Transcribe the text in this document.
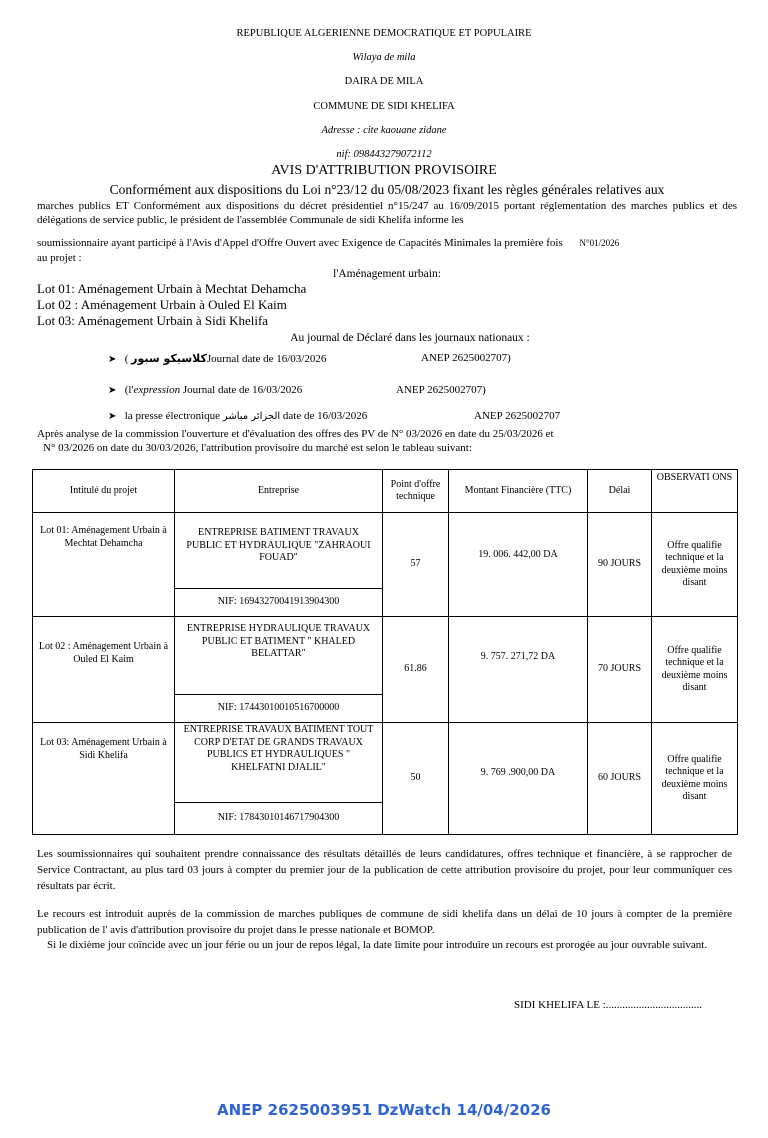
REPUBLIQUE ALGERIENNE DEMOCRATIQUE ET POPULAIRE
Wilaya de mila
DAIRA DE MILA
COMMUNE DE SIDI KHELIFA
Adresse : cite kaouane zidane
nif: 098443279072112
AVIS D'ATTRIBUTION PROVISOIRE
Conformément aux dispositions du Loi n°23/12 du 05/08/2023 fixant les règles générales relatives aux
marches publics ET Conformément aux dispositions du décret présidentiel n°15/247 au 16/09/2015 portant réglementation des marches publics et des délégations de service public, le président de l'assemblée Communale de sidi Khelifa informe les
soumissionnaire ayant participé à l'Avis d'Appel d'Offre Ouvert avec Exigence de Capacités Minimales la première fois N°01/2026
au projet :
l'Aménagement urbain:
Lot 01: Aménagement Urbain à Mechtat Dehamcha
Lot 02 : Aménagement Urbain à Ouled El Kaim
Lot 03: Aménagement Urbain à Sidi Khelifa
Au journal de Déclaré dans les journaux nationaux :
➤ ( كلاسيكو سبورJournal date de 16/03/2026	ANEP 2625002707)
➤ (l'expression Journal date de 16/03/2026	ANEP 2625002707)
➤ la presse électronique الجزائر مباشر date de 16/03/2026	ANEP 2625002707
Après analyse de la commission l'ouverture et d'évaluation des offres des PV de N° 03/2026 en date du 25/03/2026 et
N° 03/2026 on date du 30/03/2026, l'attribution provisoire du marché est selon le tableau suivant:
Intitulé du projet	Entreprise	Point d'offre technique	Montant Financière (TTC)	Délai	OBSERVATI ONS
Lot 01: Aménagement Urbain à Mechtat Dehamcha	ENTREPRISE BATIMENT TRAVAUX PUBLIC ET HYDRAULIQUE "ZAHRAOUI FOUAD"	57	19. 006. 442,00 DA	90 JOURS	Offre qualifie technique et la deuxième moins disant
	NIF: 169432700419139​04300				
Lot 02 : Aménagement Urbain à Ouled El Kaim	ENTREPRISE HYDRAULIQUE TRAVAUX PUBLIC ET BATIMENT " KHALED BELATTAR"	61.86	9. 757. 271,72 DA	70 JOURS	Offre qualifie technique et la deuxième moins disant
	NIF: 174430100105167​00000				
Lot 03: Aménagement Urbain à Sidi Khelifa	ENTREPRISE TRAVAUX BATIMENT TOUT CORP D'ETAT DE GRANDS TRAVAUX PUBLICS ET HYDRAULIQUES " KHELFATNI DJALIL"	50	9. 769 .900,00 DA	60 JOURS	Offre qualifie technique et la deuxième moins disant
	NIF: 178430101467179​04300				
Les soumissionnaires qui souhaitent prendre connaissance des résultats détaillés de leurs candidatures, offres technique et financière, à se rapprocher de Service Contractant, au plus tard 03 jours à compter du premier jour de la publication de cette attribution provisoire du projet, pour leur communiquer ces résultats par écrit.
Le recours est introduit auprès de la commission de marches publiques de commune de sidi khelifa dans un délai de 10 jours à compter de la première publication de l' avis d'attribution provisoire du projet dans le presse nationale et BOMOP.
Si le dixième jour coïncide avec un jour férie ou un jour de repos légal, la date limite pour introduire un recours est prorogée au jour ouvrable suivant.
SIDI KHELIFA LE :...................................
ANEP 2625003951 DzWatch 14/04/2026
